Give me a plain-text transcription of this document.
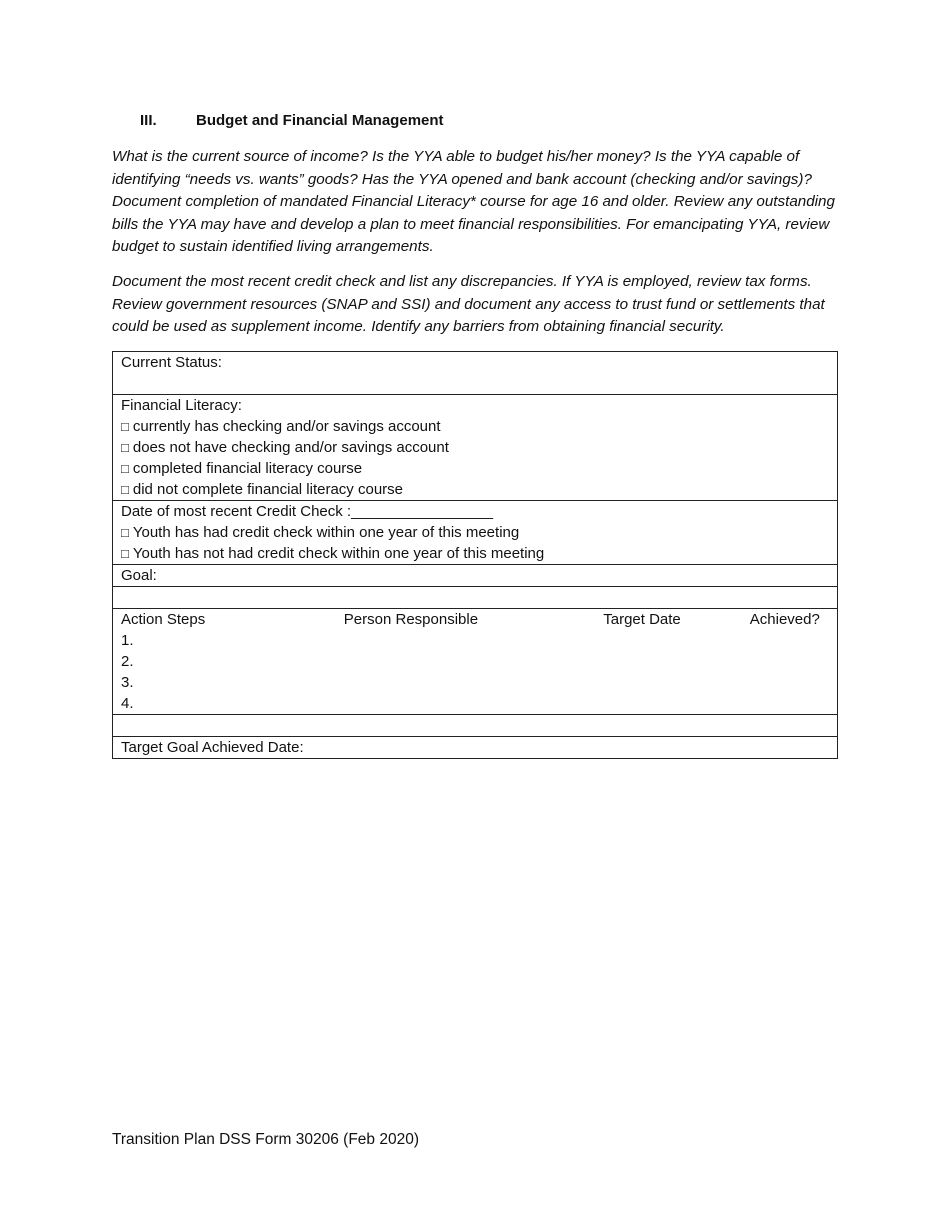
III.	Budget and Financial Management
What is the current source of income? Is the YYA able to budget his/her money? Is the YYA capable of identifying “needs vs. wants” goods? Has the YYA opened and bank account (checking and/or savings)? Document completion of mandated Financial Literacy* course for age 16 and older. Review any outstanding bills the YYA may have and develop a plan to meet financial responsibilities. For emancipating YYA, review budget to sustain identified living arrangements.
Document the most recent credit check and list any discrepancies. If YYA is employed, review tax forms. Review government resources (SNAP and SSI) and document any access to trust fund or settlements that could be used as supplement income. Identify any barriers from obtaining financial security.
Current Status:
Financial Literacy:
□ currently has checking and/or savings account
□ does not have checking and/or savings account
□ completed financial literacy course
□ did not complete financial literacy course
Date of most recent Credit Check :_________________
□ Youth has had credit check within one year of this meeting
□ Youth has not had credit check within one year of this meeting
Goal:
Action Steps	Person Responsible	Target Date	Achieved?
1.
2.
3.
4.
Target Goal Achieved Date:
Transition Plan DSS Form 30206 (Feb 2020)
